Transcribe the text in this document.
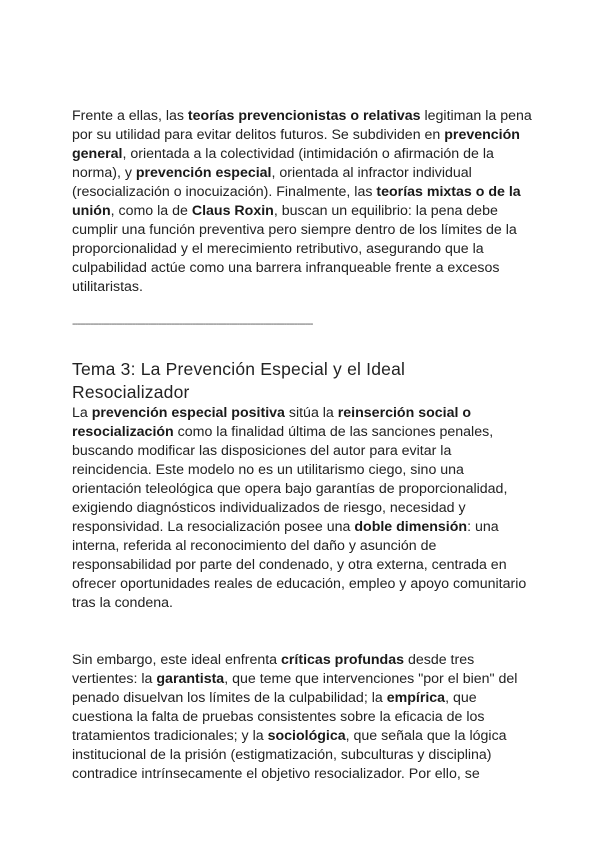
Frente a ellas, las teorías prevencionistas o relativas legitiman la pena por su utilidad para evitar delitos futuros. Se subdividen en prevención general, orientada a la colectividad (intimidación o afirmación de la norma), y prevención especial, orientada al infractor individual (resocialización o inocuización). Finalmente, las teorías mixtas o de la unión, como la de Claus Roxin, buscan un equilibrio: la pena debe cumplir una función preventiva pero siempre dentro de los límites de la proporcionalidad y el merecimiento retributivo, asegurando que la culpabilidad actúe como una barrera infranqueable frente a excesos utilitaristas.

--------------------------------------------------------------------------------------------
Tema 3: La Prevención Especial y el Ideal
Resocializador

La prevención especial positiva sitúa la reinserción social o resocialización como la finalidad última de las sanciones penales, buscando modificar las disposiciones del autor para evitar la reincidencia. Este modelo no es un utilitarismo ciego, sino una orientación teleológica que opera bajo garantías de proporcionalidad, exigiendo diagnósticos individualizados de riesgo, necesidad y responsividad. La resocialización posee una doble dimensión: una interna, referida al reconocimiento del daño y asunción de responsabilidad por parte del condenado, y otra externa, centrada en ofrecer oportunidades reales de educación, empleo y apoyo comunitario tras la condena.

Sin embargo, este ideal enfrenta críticas profundas desde tres vertientes: la garantista, que teme que intervenciones "por el bien" del penado disuelvan los límites de la culpabilidad; la empírica, que cuestiona la falta de pruebas consistentes sobre la eficacia de los tratamientos tradicionales; y la sociológica, que señala que la lógica institucional de la prisión (estigmatización, subculturas y disciplina) contradice intrínsecamente el objetivo resocializador. Por ello, se
